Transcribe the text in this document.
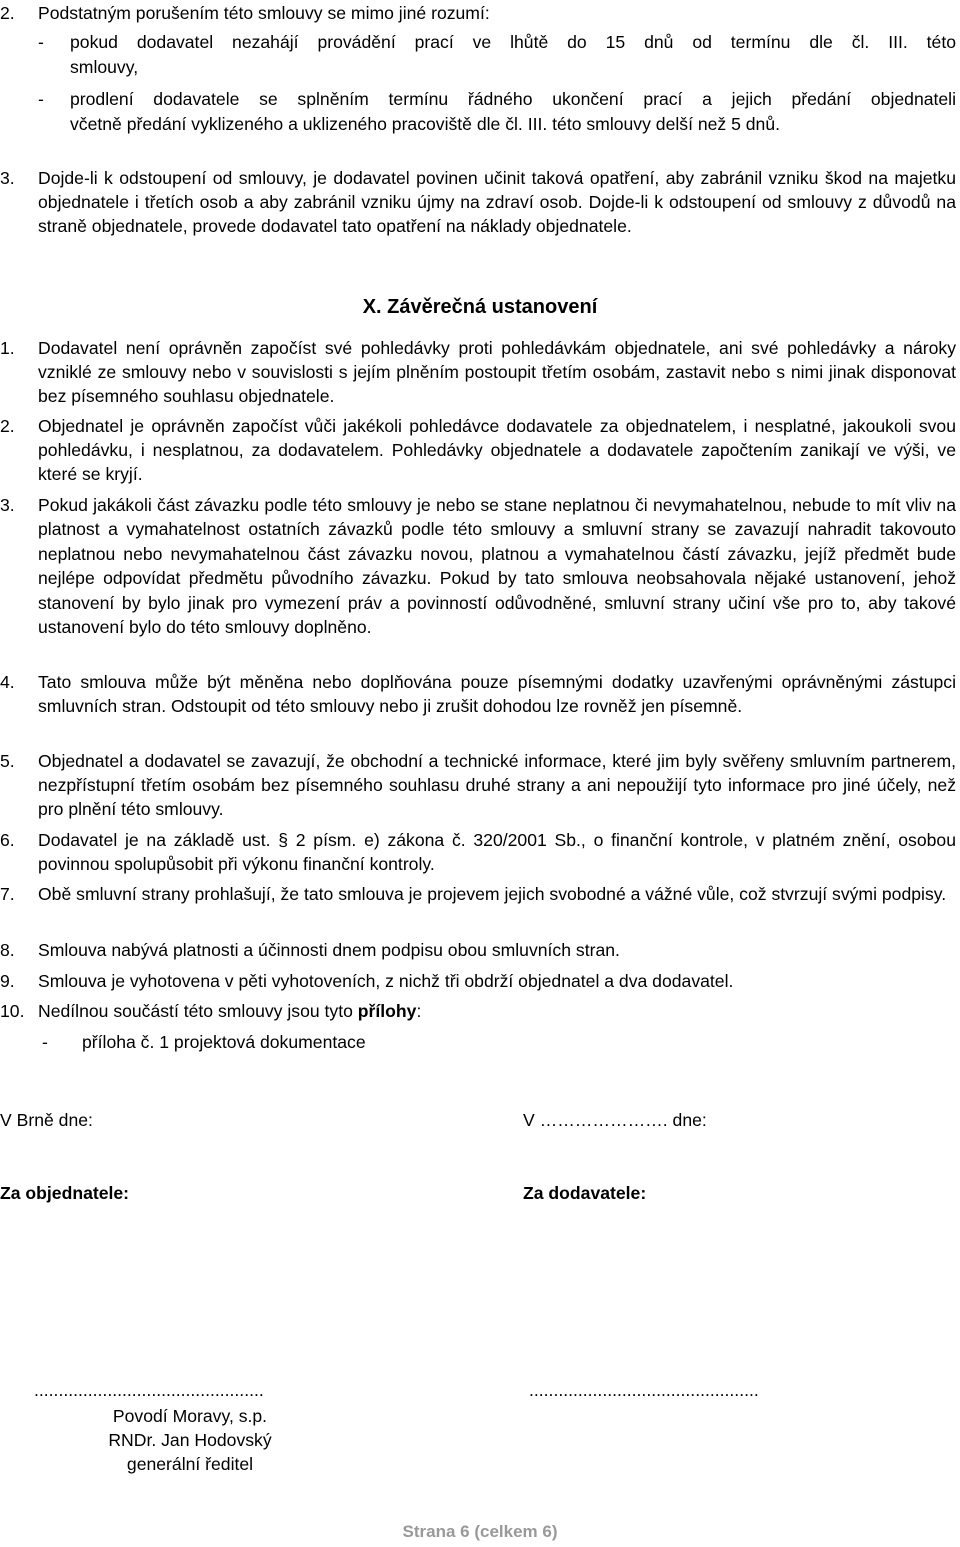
2. Podstatným porušením této smlouvy se mimo jiné rozumí:
- pokud dodavatel nezahájí provádění prací ve lhůtě do 15 dnů od termínu dle čl. III. této
smlouvy,
- prodlení dodavatele se splněním termínu řádného ukončení prací a jejich předání objednateli
včetně předání vyklizeného a uklizeného pracoviště dle čl. III. této smlouvy delší než 5 dnů.
3. Dojde-li k odstoupení od smlouvy, je dodavatel povinen učinit taková opatření, aby zabránil vzniku škod na majetku objednatele i třetích osob a aby zabránil vzniku újmy na zdraví osob. Dojde-li k odstoupení od smlouvy z důvodů na straně objednatele, provede dodavatel tato opatření na náklady objednatele.
X. Závěrečná ustanovení
1. Dodavatel není oprávněn započíst své pohledávky proti pohledávkám objednatele, ani své pohledávky a nároky vzniklé ze smlouvy nebo v souvislosti s jejím plněním postoupit třetím osobám, zastavit nebo s nimi jinak disponovat bez písemného souhlasu objednatele.
2. Objednatel je oprávněn započíst vůči jakékoli pohledávce dodavatele za objednatelem, i nesplatné, jakoukoli svou pohledávku, i nesplatnou, za dodavatelem. Pohledávky objednatele a dodavatele započtením zanikají ve výši, ve které se kryjí.
3. Pokud jakákoli část závazku podle této smlouvy je nebo se stane neplatnou či nevymahatelnou, nebude to mít vliv na platnost a vymahatelnost ostatních závazků podle této smlouvy a smluvní strany se zavazují nahradit takovouto neplatnou nebo nevymahatelnou část závazku novou, platnou a vymahatelnou částí závazku, jejíž předmět bude nejlépe odpovídat předmětu původního závazku. Pokud by tato smlouva neobsahovala nějaké ustanovení, jehož stanovení by bylo jinak pro vymezení práv a povinností odůvodněné, smluvní strany učiní vše pro to, aby takové ustanovení bylo do této smlouvy doplněno.
4. Tato smlouva může být měněna nebo doplňována pouze písemnými dodatky uzavřenými oprávněnými zástupci smluvních stran. Odstoupit od této smlouvy nebo ji zrušit dohodou lze rovněž jen písemně.
5. Objednatel a dodavatel se zavazují, že obchodní a technické informace, které jim byly svěřeny smluvním partnerem, nezpřístupní třetím osobám bez písemného souhlasu druhé strany a ani nepoužijí tyto informace pro jiné účely, než pro plnění této smlouvy.
6. Dodavatel je na základě ust. § 2 písm. e) zákona č. 320/2001 Sb., o finanční kontrole, v platném znění, osobou povinnou spolupůsobit při výkonu finanční kontroly.
7. Obě smluvní strany prohlašují, že tato smlouva je projevem jejich svobodné a vážné vůle, což stvrzují svými podpisy.
8. Smlouva nabývá platnosti a účinnosti dnem podpisu obou smluvních stran.
9. Smlouva je vyhotovena v pěti vyhotoveních, z nichž tři obdrží objednatel a dva dodavatel.
10. Nedílnou součástí této smlouvy jsou tyto přílohy:
- příloha č. 1 projektová dokumentace
V Brně dne:	V …………………. dne:
Za objednatele:	Za dodavatele:
...............................................	...............................................
Povodí Moravy, s.p.
RNDr. Jan Hodovský
generální ředitel
Strana 6 (celkem 6)
